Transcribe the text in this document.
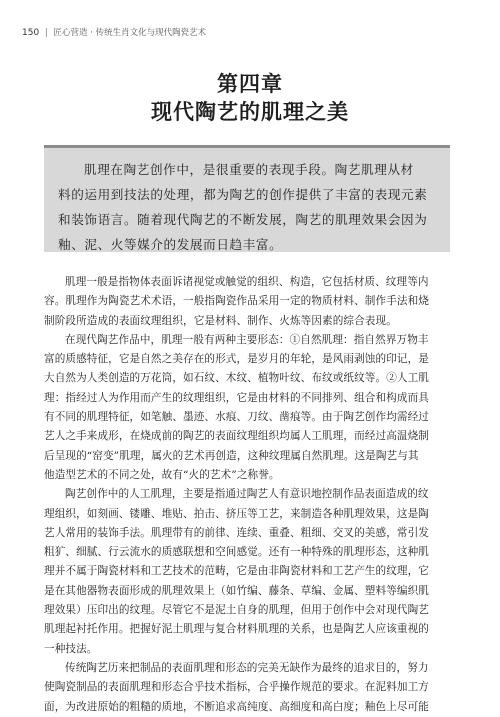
150 | 匠心营造 · 传统生肖文化与现代陶瓷艺术
第四章
现代陶艺的肌理之美
肌理在陶艺创作中，是很重要的表现手段。陶艺肌理从材
料的运用到技法的处理，都为陶艺的创作提供了丰富的表现元素
和装饰语言。随着现代陶艺的不断发展，陶艺的肌理效果会因为
釉、泥、火等媒介的发展而日趋丰富。
肌理一般是指物体表面诉诸视觉或触觉的组织、构造，它包括材质、纹理等内
容。肌理作为陶瓷艺术术语，一般指陶瓷作品采用一定的物质材料、制作手法和烧
制阶段所造成的表面纹理组织，它是材料、制作、火炼等因素的综合表现。
在现代陶艺作品中，肌理一般有两种主要形态：①自然肌理：指自然界万物丰
富的质感特征，它是自然之美存在的形式，是岁月的年轮，是风雨剥蚀的印记，是
大自然为人类创造的万花筒，如石纹、木纹、植物叶纹、布纹或纸纹等。②人工肌
理：指经过人为作用而产生的纹理组织，它是由材料的不同排列、组合和构成而具
有不同的肌理特征，如笔触、墨迹、水痕、刀纹、凿痕等。由于陶艺创作均需经过
艺人之手来成形，在烧成前的陶艺的表面纹理组织均属人工肌理，而经过高温烧制
后呈现的“窑变”肌理，属火的艺术再创造，这种纹理属自然肌理。这是陶艺与其
他造型艺术的不同之处，故有“火的艺术”之称誉。
陶艺创作中的人工肌理，主要是指通过陶艺人有意识地控制作品表面造成的纹
理组织，如刻画、镂雕、堆贴、拍击、挤压等工艺，来制造各种肌理效果，这是陶
艺人常用的装饰手法。肌理带有的前律、连续、重叠、粗细、交叉的美感，常引发
粗犷、细腻、行云流水的质感联想和空间感觉。还有一种特殊的肌理形态，这种肌
理并不属于陶瓷材料和工艺技术的范畴，它是由非陶瓷材料和工艺产生的纹理，它
是在其他器物表面形成的肌理效果上（如竹编、藤条、草编、金属、塑料等编织肌
理效果）压印出的纹理。尽管它不是泥土自身的肌理，但用于创作中会对现代陶艺
肌理起衬托作用。把握好泥土肌理与复合材料肌理的关系，也是陶艺人应该重视的
一种技法。
传统陶艺历来把制品的表面肌理和形态的完美无缺作为最终的追求目的，努力
使陶瓷制品的表面肌理和形态合乎技术指标，合乎操作规范的要求。在泥料加工方
面，为改进原始的粗糙的质地，不断追求高纯度、高细度和高白度；釉色上尽可能
